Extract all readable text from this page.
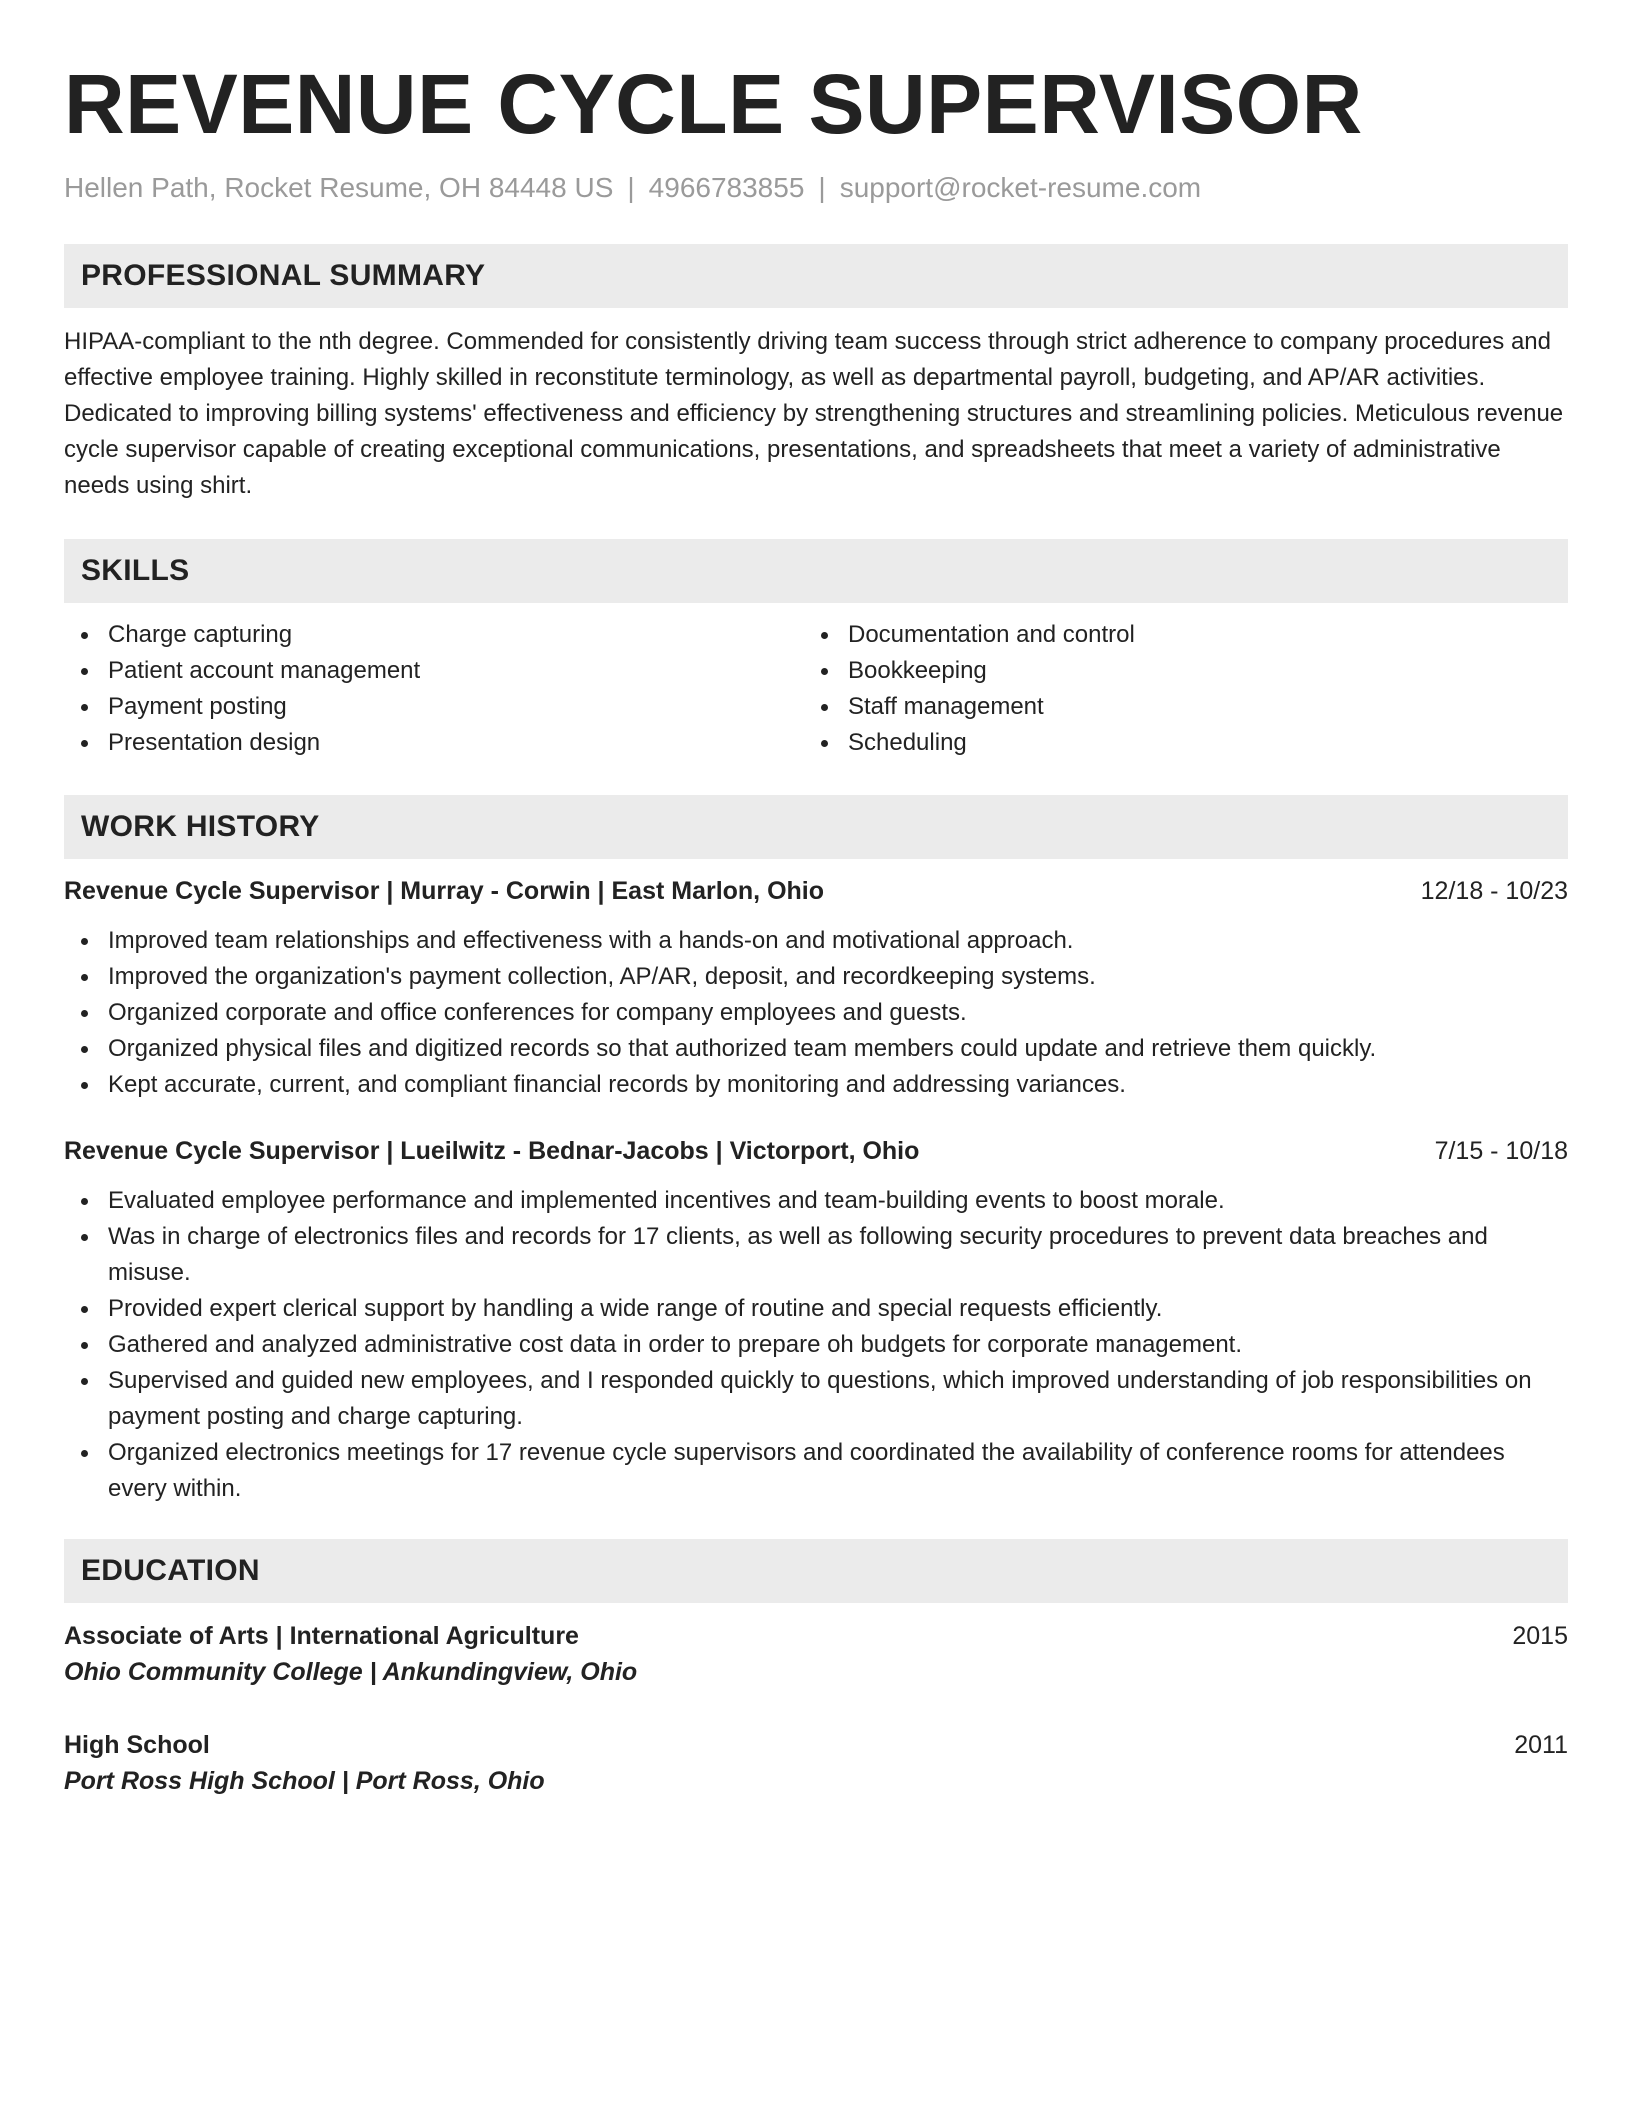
REVENUE CYCLE SUPERVISOR
Hellen Path, Rocket Resume, OH 84448 US | 4966783855 | support@rocket-resume.com
PROFESSIONAL SUMMARY

HIPAA-compliant to the nth degree. Commended for consistently driving team success through strict adherence to company procedures and effective employee training. Highly skilled in reconstitute terminology, as well as departmental payroll, budgeting, and AP/AR activities. Dedicated to improving billing systems' effectiveness and efficiency by strengthening structures and streamlining policies. Meticulous revenue cycle supervisor capable of creating exceptional communications, presentations, and spreadsheets that meet a variety of administrative needs using shirt.

SKILLS
Charge capturing
Patient account management
Payment posting
Presentation design
Documentation and control
Bookkeeping
Staff management
Scheduling
WORK HISTORY
Revenue Cycle Supervisor | Murray - Corwin | East Marlon, Ohio	12/18 - 10/23
Improved team relationships and effectiveness with a hands-on and motivational approach.
Improved the organization's payment collection, AP/AR, deposit, and recordkeeping systems.
Organized corporate and office conferences for company employees and guests.
Organized physical files and digitized records so that authorized team members could update and retrieve them quickly.
Kept accurate, current, and compliant financial records by monitoring and addressing variances.
Revenue Cycle Supervisor | Lueilwitz - Bednar-Jacobs | Victorport, Ohio	7/15 - 10/18
Evaluated employee performance and implemented incentives and team-building events to boost morale.
Was in charge of electronics files and records for 17 clients, as well as following security procedures to prevent data breaches and misuse.
Provided expert clerical support by handling a wide range of routine and special requests efficiently.
Gathered and analyzed administrative cost data in order to prepare oh budgets for corporate management.
Supervised and guided new employees, and I responded quickly to questions, which improved understanding of job responsibilities on payment posting and charge capturing.
Organized electronics meetings for 17 revenue cycle supervisors and coordinated the availability of conference rooms for attendees every within.
EDUCATION
Associate of Arts | International Agriculture	2015
Ohio Community College | Ankundingview, Ohio
High School	2011
Port Ross High School | Port Ross, Ohio
